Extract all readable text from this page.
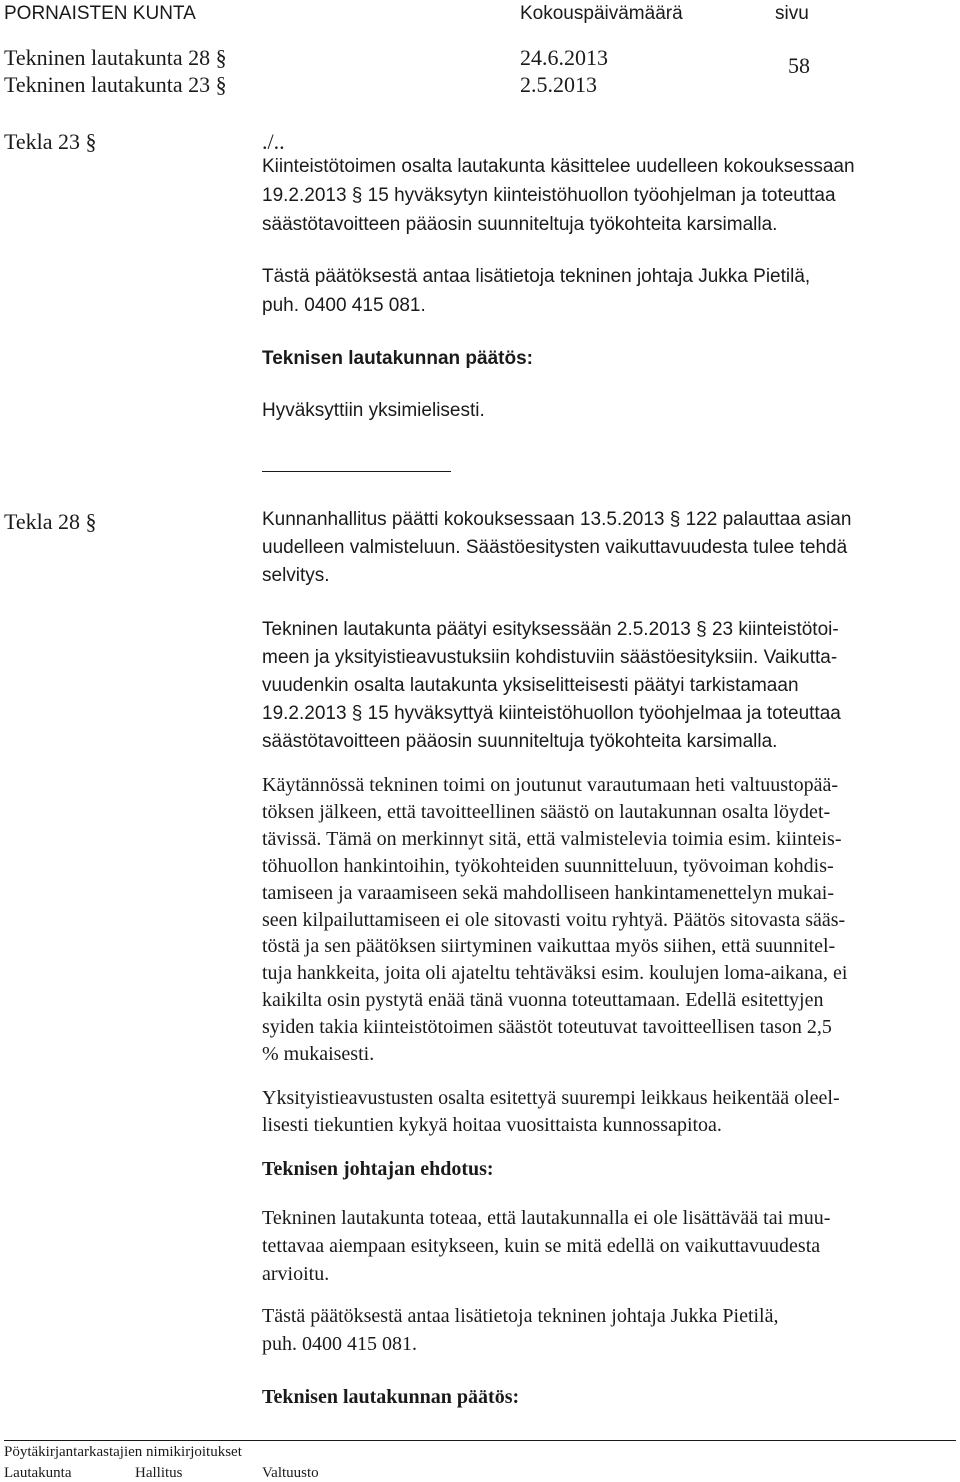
PORNAISTEN KUNTA	Kokouspäivämäärä	sivu
Tekninen lautakunta 28 §	24.6.2013
Tekninen lautakunta 23 §	2.5.2013
58
Tekla 23 §	./..
Kiinteistötoimen osalta lautakunta käsittelee uudelleen kokouksessaan
19.2.2013 § 15 hyväksytyn kiinteistöhuollon työohjelman ja toteuttaa
säästötavoitteen pääosin suunniteltuja työkohteita karsimalla.
Tästä päätöksestä antaa lisätietoja tekninen johtaja Jukka Pietilä,
puh. 0400 415 081.
Teknisen lautakunnan päätös:
Hyväksyttiin yksimielisesti.
Tekla 28 §	Kunnanhallitus päätti kokouksessaan 13.5.2013 § 122 palauttaa asian
uudelleen valmisteluun. Säästöesitysten vaikuttavuudesta tulee tehdä
selvitys.
Tekninen lautakunta päätyi esityksessään 2.5.2013 § 23 kiinteistötoi-
meen ja yksityistieavustuksiin kohdistuviin säästöesityksiin. Vaikutta-
vuudenkin osalta lautakunta yksiselitteisesti päätyi tarkistamaan
19.2.2013 § 15 hyväksyttyä kiinteistöhuollon työohjelmaa ja toteuttaa
säästötavoitteen pääosin suunniteltuja työkohteita karsimalla.
Käytännössä tekninen toimi on joutunut varautumaan heti valtuustopää-
töksen jälkeen, että tavoitteellinen säästö on lautakunnan osalta löydet-
tävissä. Tämä on merkinnyt sitä, että valmistelevia toimia esim. kiinteis-
töhuollon hankintoihin, työkohteiden suunnitteluun, työvoiman kohdis-
tamiseen ja varaamiseen sekä mahdolliseen hankintamenettelyn mukai-
seen kilpailuttamiseen ei ole sitovasti voitu ryhtyä. Päätös sitovasta sääs-
töstä ja sen päätöksen siirtyminen vaikuttaa myös siihen, että suunnitel-
tuja hankkeita, joita oli ajateltu tehtäväksi esim. koulujen loma-aikana, ei
kaikilta osin pystytä enää tänä vuonna toteuttamaan. Edellä esitettyjen
syiden takia kiinteistötoimen säästöt toteutuvat tavoitteellisen tason 2,5
% mukaisesti.
Yksityistieavustusten osalta esitettyä suurempi leikkaus heikentää oleel-
lisesti tiekuntien kykyä hoitaa vuosittaista kunnossapitoa.
Teknisen johtajan ehdotus:
Tekninen lautakunta toteaa, että lautakunnalla ei ole lisättävää tai muu-
tettavaa aiempaan esitykseen, kuin se mitä edellä on vaikuttavuudesta
arvioitu.
Tästä päätöksestä antaa lisätietoja tekninen johtaja Jukka Pietilä,
puh. 0400 415 081.
Teknisen lautakunnan päätös:
Pöytäkirjantarkastajien nimikirjoitukset
Lautakunta	Hallitus	Valtuusto
